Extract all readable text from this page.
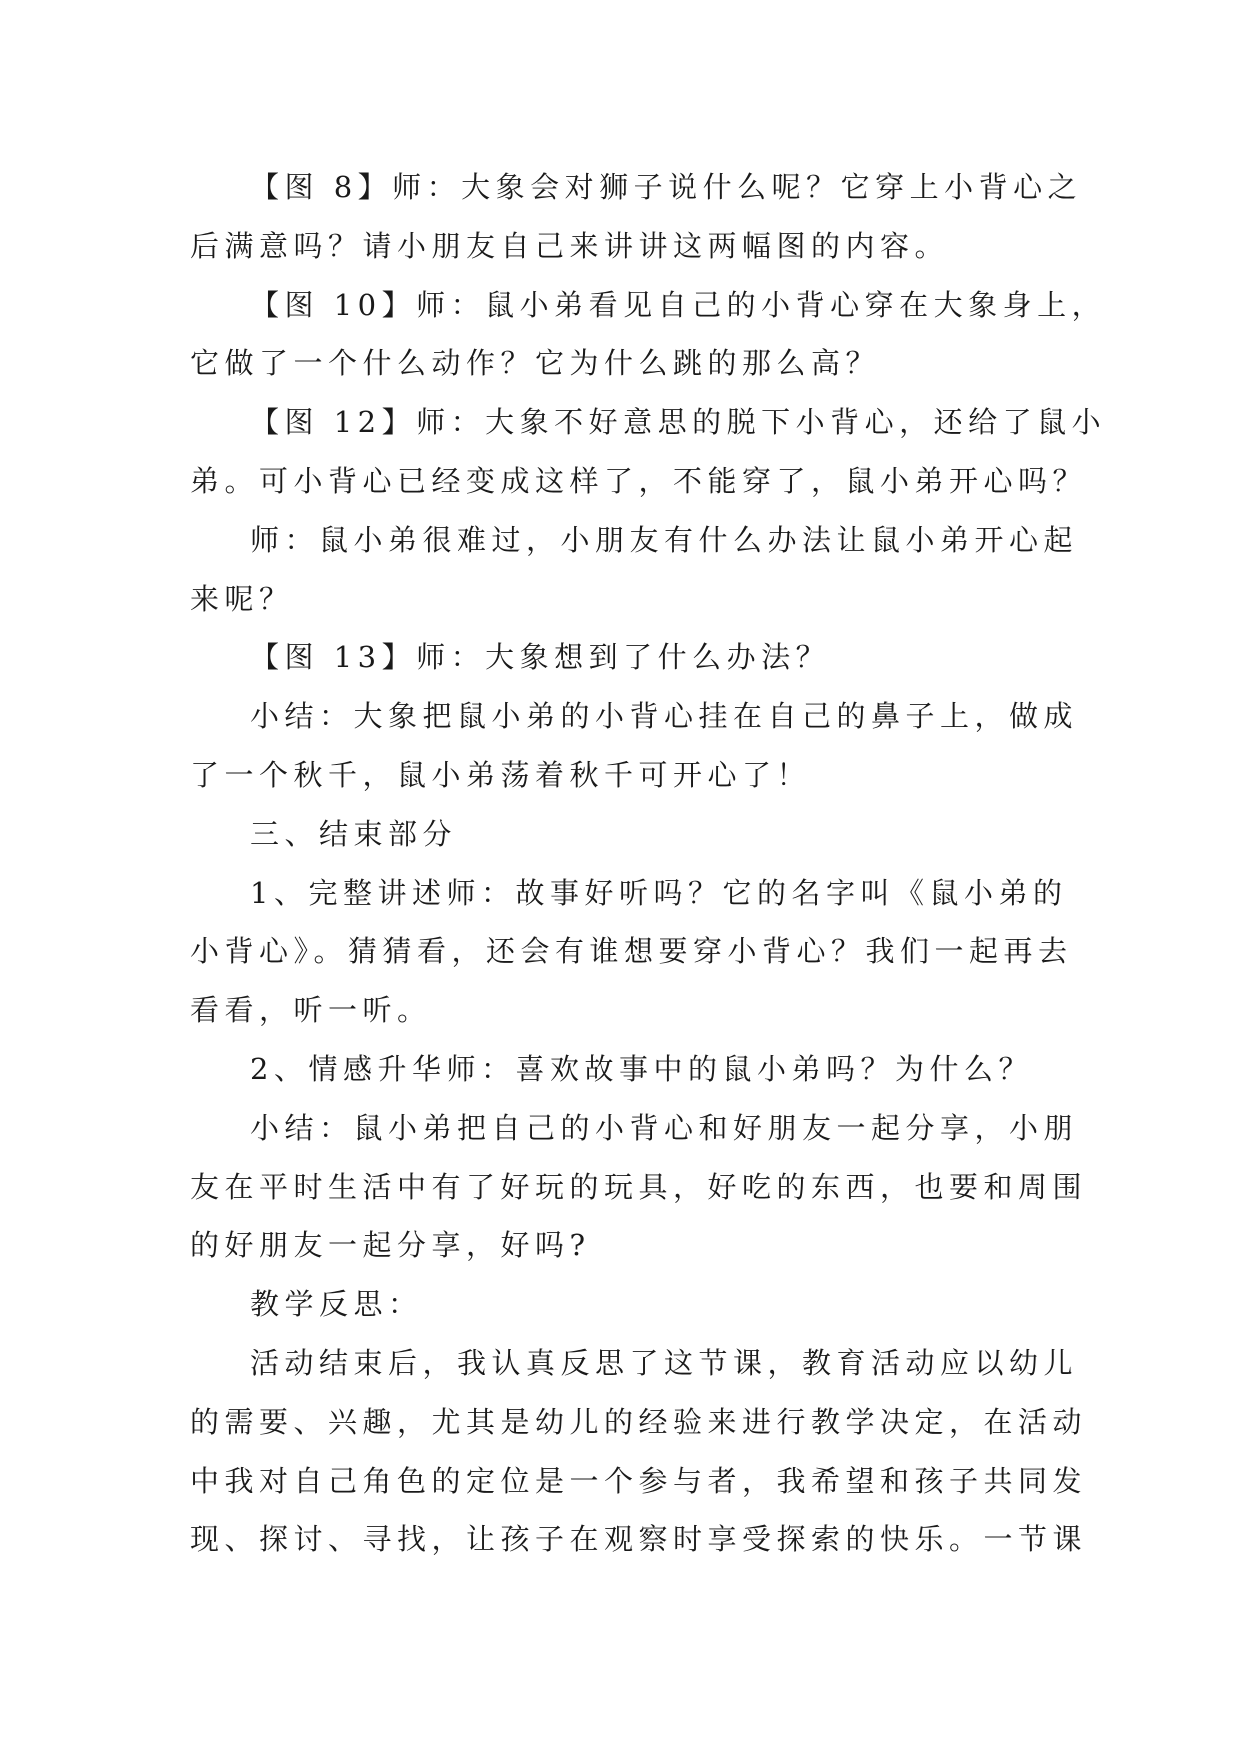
【图 8】师：大象会对狮子说什么呢？它穿上小背心之
后满意吗？请小朋友自己来讲讲这两幅图的内容。
【图 10】师：鼠小弟看见自己的小背心穿在大象身上，
它做了一个什么动作？它为什么跳的那么高？
【图 12】师：大象不好意思的脱下小背心，还给了鼠小
弟。可小背心已经变成这样了，不能穿了，鼠小弟开心吗？
师：鼠小弟很难过，小朋友有什么办法让鼠小弟开心起
来呢？
【图 13】师：大象想到了什么办法？
小结：大象把鼠小弟的小背心挂在自己的鼻子上，做成
了一个秋千，鼠小弟荡着秋千可开心了！
三、结束部分
1、完整讲述师：故事好听吗？它的名字叫《鼠小弟的
小背心》。猜猜看，还会有谁想要穿小背心？我们一起再去
看看，听一听。
2、情感升华师：喜欢故事中的鼠小弟吗？为什么？
小结：鼠小弟把自己的小背心和好朋友一起分享，小朋
友在平时生活中有了好玩的玩具，好吃的东西，也要和周围
的好朋友一起分享，好吗?
教学反思：
活动结束后，我认真反思了这节课，教育活动应以幼儿
的需要、兴趣，尤其是幼儿的经验来进行教学决定，在活动
中我对自己角色的定位是一个参与者，我希望和孩子共同发
现、探讨、寻找，让孩子在观察时享受探索的快乐。一节课
